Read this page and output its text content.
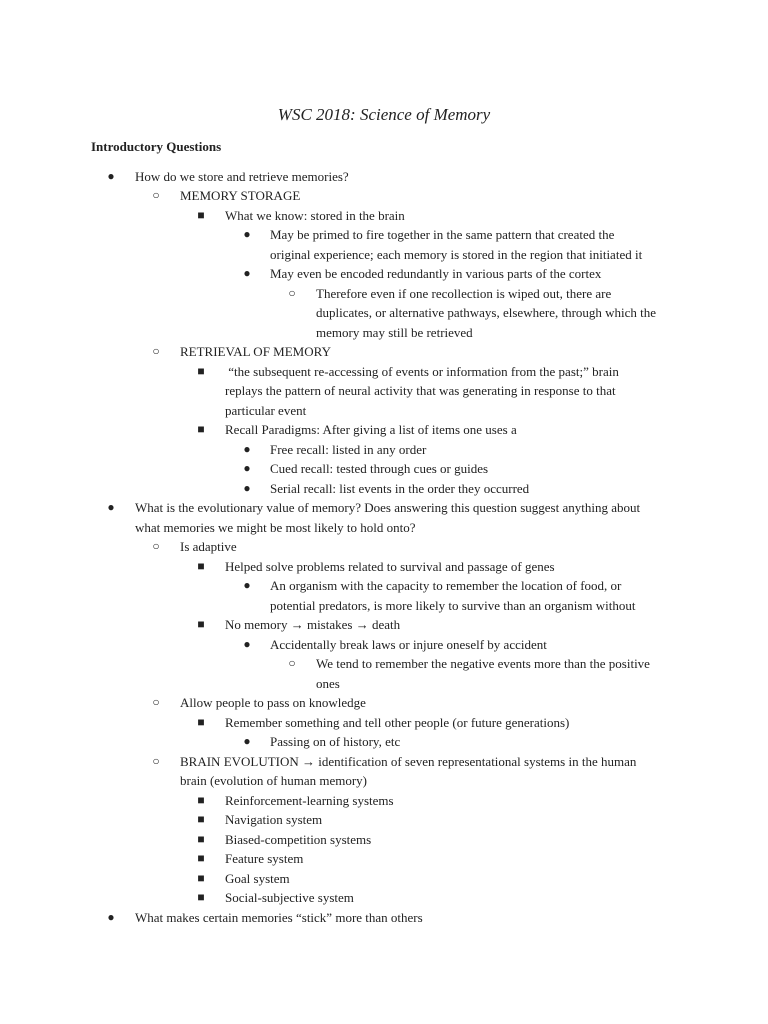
WSC 2018: Science of Memory
Introductory Questions
● How do we store and retrieve memories?
○ MEMORY STORAGE
■ What we know: stored in the brain
● May be primed to fire together in the same pattern that created the
original experience; each memory is stored in the region that initiated it
● May even be encoded redundantly in various parts of the cortex
○ Therefore even if one recollection is wiped out, there are
duplicates, or alternative pathways, elsewhere, through which the
memory may still be retrieved
○ RETRIEVAL OF MEMORY
■ “the subsequent re-accessing of events or information from the past;” brain
replays the pattern of neural activity that was generating in response to that
particular event
■ Recall Paradigms: After giving a list of items one uses a
● Free recall: listed in any order
● Cued recall: tested through cues or guides
● Serial recall: list events in the order they occurred
● What is the evolutionary value of memory? Does answering this question suggest anything about
what memories we might be most likely to hold onto?
○ Is adaptive
■ Helped solve problems related to survival and passage of genes
● An organism with the capacity to remember the location of food, or
potential predators, is more likely to survive than an organism without
■ No memory → mistakes → death
● Accidentally break laws or injure oneself by accident
○ We tend to remember the negative events more than the positive
ones
○ Allow people to pass on knowledge
■ Remember something and tell other people (or future generations)
● Passing on of history, etc
○ BRAIN EVOLUTION → identification of seven representational systems in the human
brain (evolution of human memory)
■ Reinforcement-learning systems
■ Navigation system
■ Biased-competition systems
■ Feature system
■ Goal system
■ Social-subjective system
● What makes certain memories “stick” more than others
